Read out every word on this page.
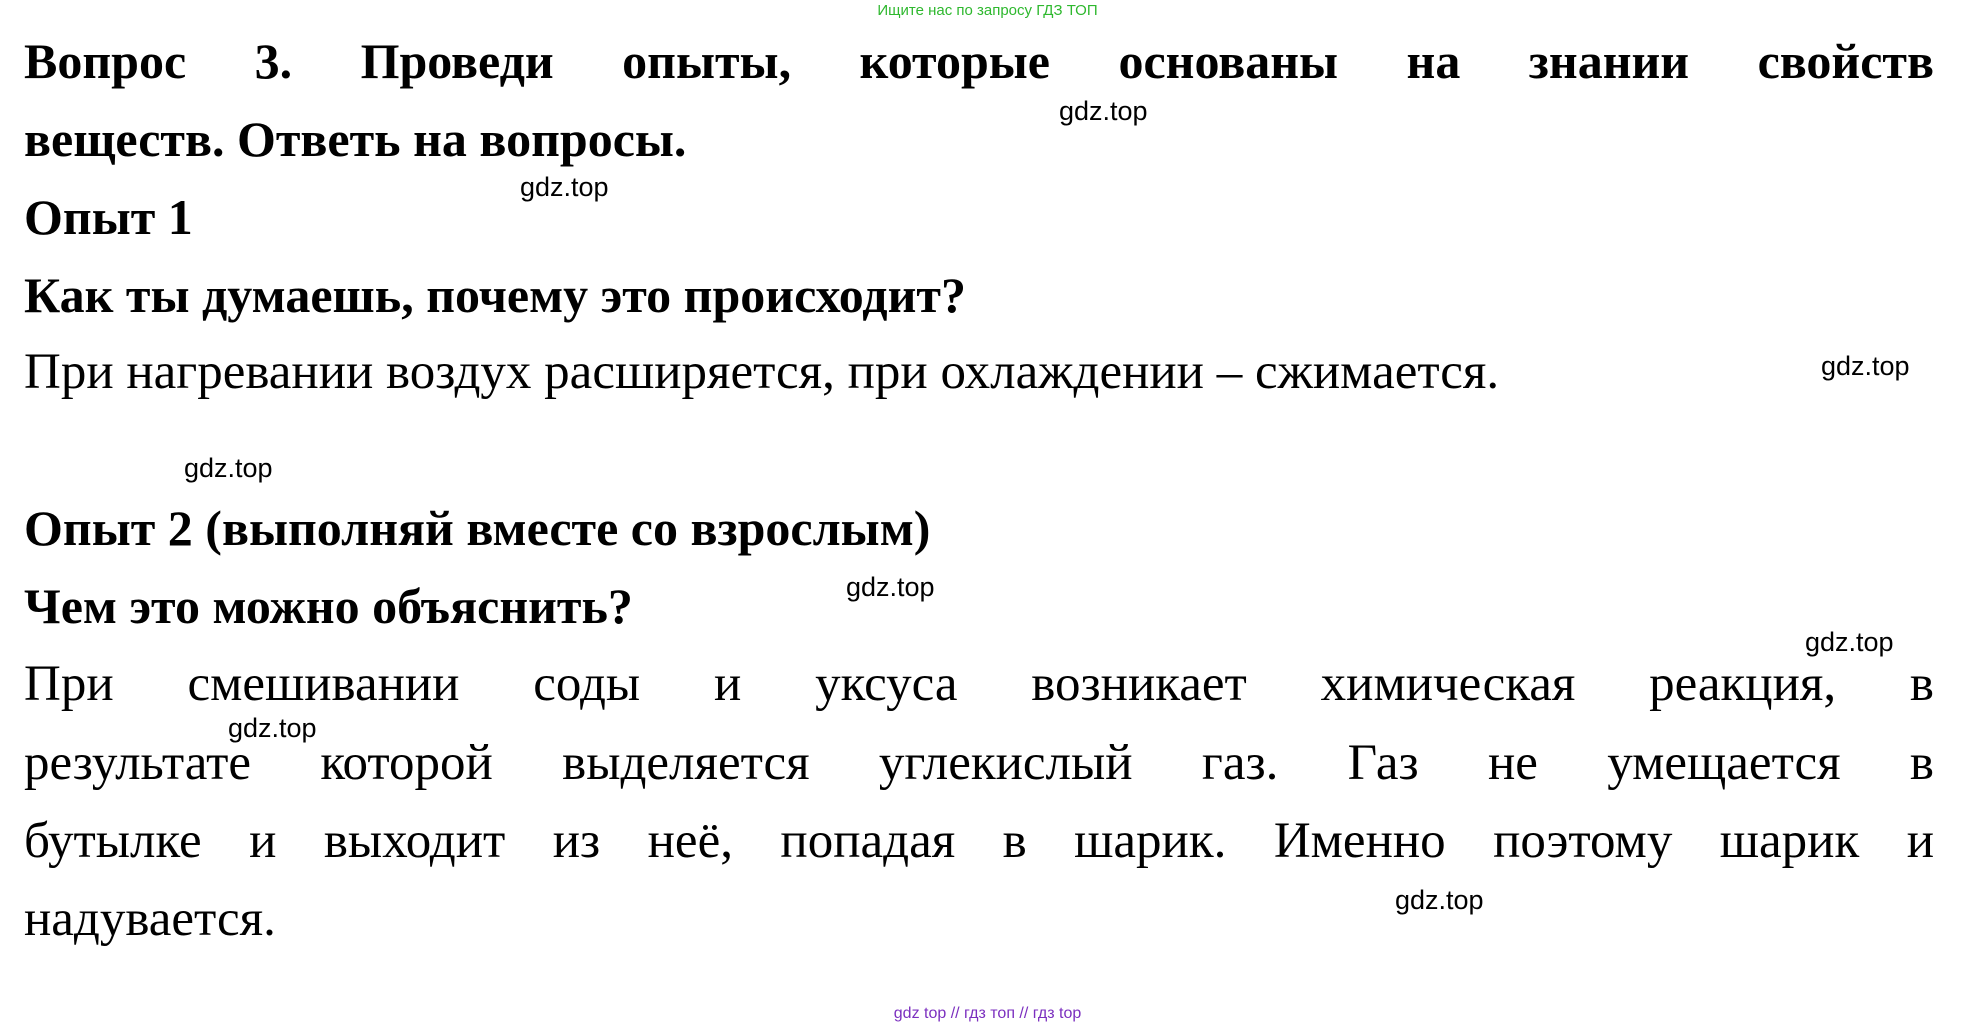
Ищите нас по запросу ГДЗ ТОП

Вопрос 3. Проведи опыты, которые основаны на знании свойств

веществ. Ответь на вопросы.

Опыт 1

Как ты думаешь, почему это происходит?

При нагревании воздух расширяется, при охлаждении – сжимается.

Опыт 2 (выполняй вместе со взрослым)

Чем это можно объяснить?

При смешивании соды и уксуса возникает химическая реакция, в

результате которой выделяется углекислый газ. Газ не умещается в

бутылке и выходит из неё, попадая в шарик. Именно поэтому шарик и

надувается.

gdz.top
gdz.top
gdz.top
gdz.top
gdz.top
gdz.top
gdz.top
gdz.top
gdz top // гдз топ // гдз top
